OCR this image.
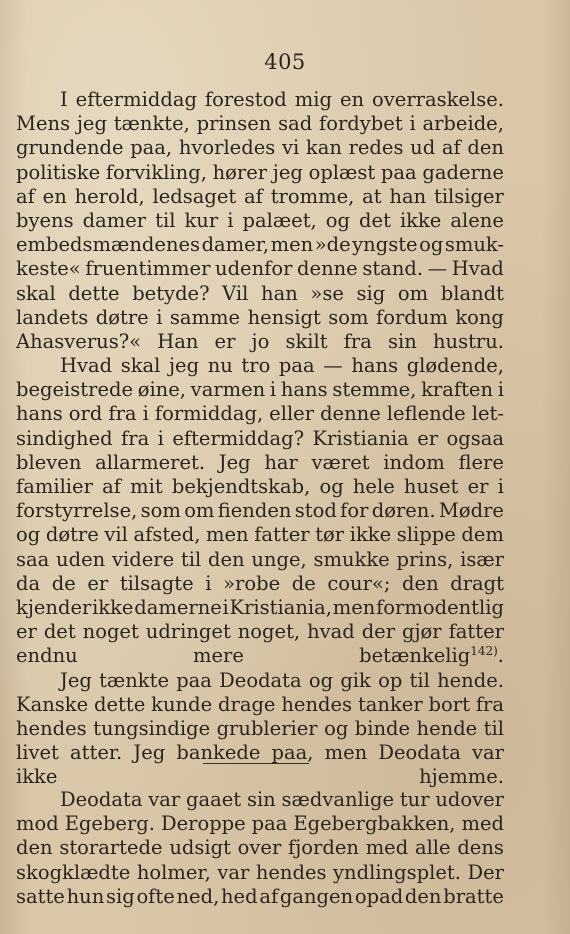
405
I eftermiddag forestod mig en overraskelse.
Mens jeg tænkte, prinsen sad fordybet i arbeide,
grundende paa, hvorledes vi kan redes ud af den
politiske forvikling, hører jeg oplæst paa gaderne
af en herold, ledsaget af tromme, at han tilsiger
byens damer til kur i palæet, og det ikke alene
embedsmændenes damer, men »de yngste og smuk-
keste« fruentimmer udenfor denne stand. — Hvad
skal dette betyde? Vil han »se sig om blandt
landets døtre i samme hensigt som fordum kong
Ahasverus?« Han er jo skilt fra sin hustru.
Hvad skal jeg nu tro paa — hans glødende,
begeistrede øine, varmen i hans stemme, kraften i
hans ord fra i formiddag, eller denne leflende let-
sindighed fra i eftermiddag? Kristiania er ogsaa
bleven allarmeret. Jeg har været indom flere
familier af mit bekjendtskab, og hele huset er i
forstyrrelse, som om fienden stod for døren. Mødre
og døtre vil afsted, men fatter tør ikke slippe dem
saa uden videre til den unge, smukke prins, især
da de er tilsagte i »robe de cour«; den dragt
kjender ikke damerne i Kristiania, men formodentlig
er det noget udringet noget, hvad der gjør fatter
endnu mere betænkelig$^{142)}$.
Jeg tænkte paa Deodata og gik op til hende.
Kanske dette kunde drage hendes tanker bort fra
hendes tungsindige grublerier og binde hende til
livet atter. Jeg bankede paa, men Deodata var
ikke hjemme.
Deodata var gaaet sin sædvanlige tur udover
mod Egeberg. Deroppe paa Egebergbakken, med
den storartede udsigt over fjorden med alle dens
skogklædte holmer, var hendes yndlingsplet. Der
satte hun sig ofte ned, hed af gangen opad den bratte
